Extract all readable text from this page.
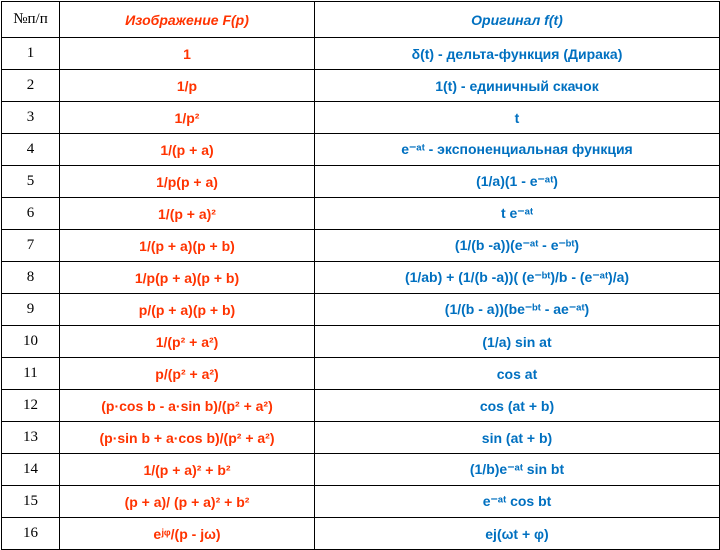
№п/п	Изображение F(p)	Оригинал f(t)
1	1	δ(t) - дельта-функция (Дирака)
2	1/p	1(t) - единичный скачок
3	1/p²	t
4	1/(p + a)	e⁻ᵃᵗ - экспоненциальная функция
5	1/p(p + a)	(1/a)(1 - e⁻ᵃᵗ)
6	1/(p + a)²	t e⁻ᵃᵗ
7	1/(p + a)(p + b)	(1/(b -a))(e⁻ᵃᵗ - e⁻ᵇᵗ)
8	1/p(p + a)(p + b)	(1/ab) + (1/(b -a))( (e⁻ᵇᵗ)/b - (e⁻ᵃᵗ)/a)
9	p/(p + a)(p + b)	(1/(b - a))(be⁻ᵇᵗ - ae⁻ᵃᵗ)
10	1/(p² + a²)	(1/a) sin at
11	p/(p² + a²)	cos at
12	(p·cos b - a·sin b)/(p² + a²)	cos (at + b)
13	(p·sin b + a·cos b)/(p² + a²)	sin (at + b)
14	1/(p + a)² + b²	(1/b)e⁻ᵃᵗ sin bt
15	(p + a)/ (p + a)² + b²	e⁻ᵃᵗ cos bt
16	eʲᵠ/(p - jω)	ej(ωt + φ)
